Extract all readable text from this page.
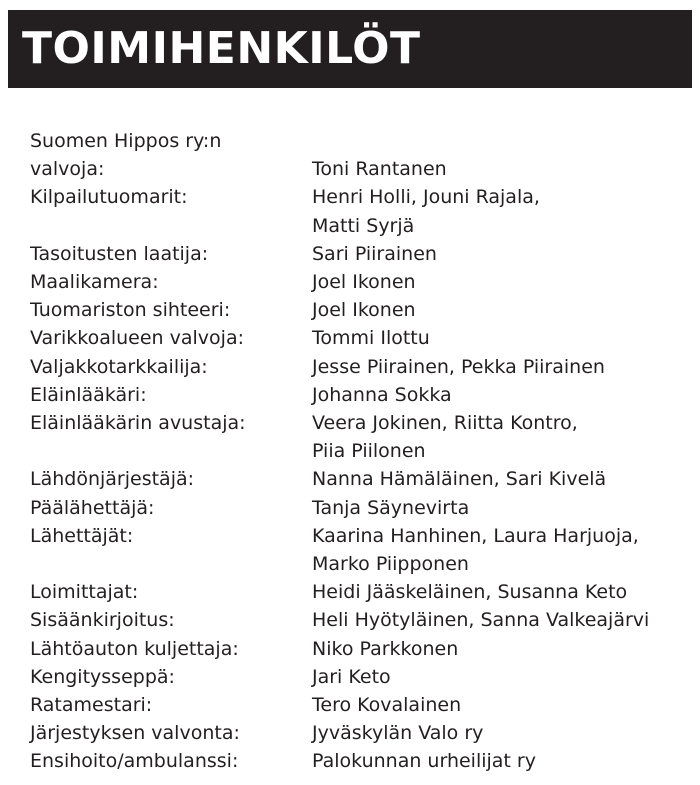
TOIMIHENKILÖT
Suomen Hippos ry:n
valvoja:	Toni Rantanen
Kilpailutuomarit:	Henri Holli, Jouni Rajala,
Matti Syrjä
Tasoitusten laatija:	Sari Piirainen
Maalikamera:	Joel Ikonen
Tuomariston sihteeri:	Joel Ikonen
Varikkoalueen valvoja:	Tommi Ilottu
Valjakkotarkkailija:	Jesse Piirainen, Pekka Piirainen
Eläinlääkäri:	Johanna Sokka
Eläinlääkärin avustaja:	Veera Jokinen, Riitta Kontro,
Piia Piilonen
Lähdönjärjestäjä:	Nanna Hämäläinen, Sari Kivelä
Päälähettäjä:	Tanja Säynevirta
Lähettäjät:	Kaarina Hanhinen, Laura Harjuoja,
Marko Piipponen
Loimittajat:	Heidi Jääskeläinen, Susanna Keto
Sisäänkirjoitus:	Heli Hyötyläinen, Sanna Valkeajärvi
Lähtöauton kuljettaja:	Niko Parkkonen
Kengitysseppä:	Jari Keto
Ratamestari:	Tero Kovalainen
Järjestyksen valvonta:	Jyväskylän Valo ry
Ensihoito/ambulanssi:	Palokunnan urheilijat ry
